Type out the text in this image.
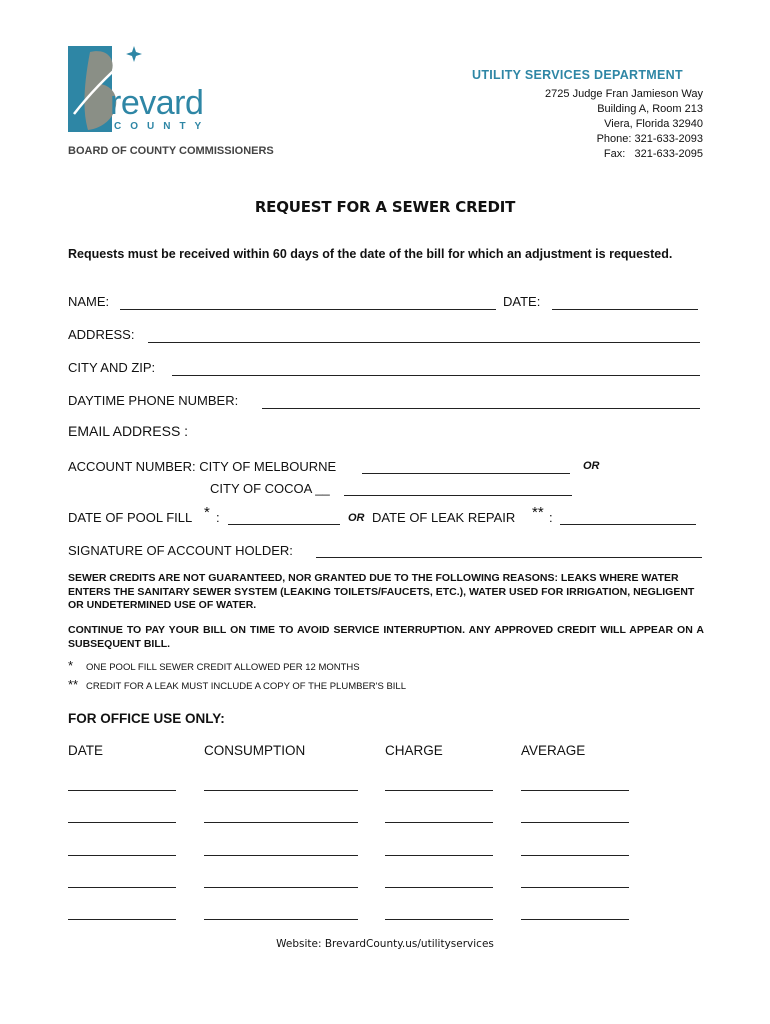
revard
COUNTY
BOARD OF COUNTY COMMISSIONERS
UTILITY SERVICES DEPARTMENT
2725 Judge Fran Jamieson Way
Building A, Room 213
Viera, Florida 32940
Phone: 321-633-2093
Fax:   321-633-2095
REQUEST FOR A SEWER CREDIT
Requests must be received within 60 days of the date of the bill for which an adjustment is requested.
NAME:	DATE:
ADDRESS:
CITY AND ZIP:
DAYTIME PHONE NUMBER:
EMAIL ADDRESS :
ACCOUNT NUMBER: CITY OF MELBOURNE	OR
CITY OF COCOA __
DATE OF POOL FILL * :	OR DATE OF LEAK REPAIR ** :
SIGNATURE OF ACCOUNT HOLDER:
SEWER CREDITS ARE NOT GUARANTEED, NOR GRANTED DUE TO THE FOLLOWING REASONS: LEAKS WHERE WATER ENTERS THE SANITARY SEWER SYSTEM (LEAKING TOILETS/FAUCETS, ETC.), WATER USED FOR IRRIGATION, NEGLIGENT OR UNDETERMINED USE OF WATER.
CONTINUE TO PAY YOUR BILL ON TIME TO AVOID SERVICE INTERRUPTION. ANY APPROVED CREDIT WILL APPEAR ON A SUBSEQUENT BILL.
* ONE POOL FILL SEWER CREDIT ALLOWED PER 12 MONTHS
** CREDIT FOR A LEAK MUST INCLUDE A COPY OF THE PLUMBER'S BILL
FOR OFFICE USE ONLY:
DATE	CONSUMPTION	CHARGE	AVERAGE
Website: BrevardCounty.us/utilityservices
